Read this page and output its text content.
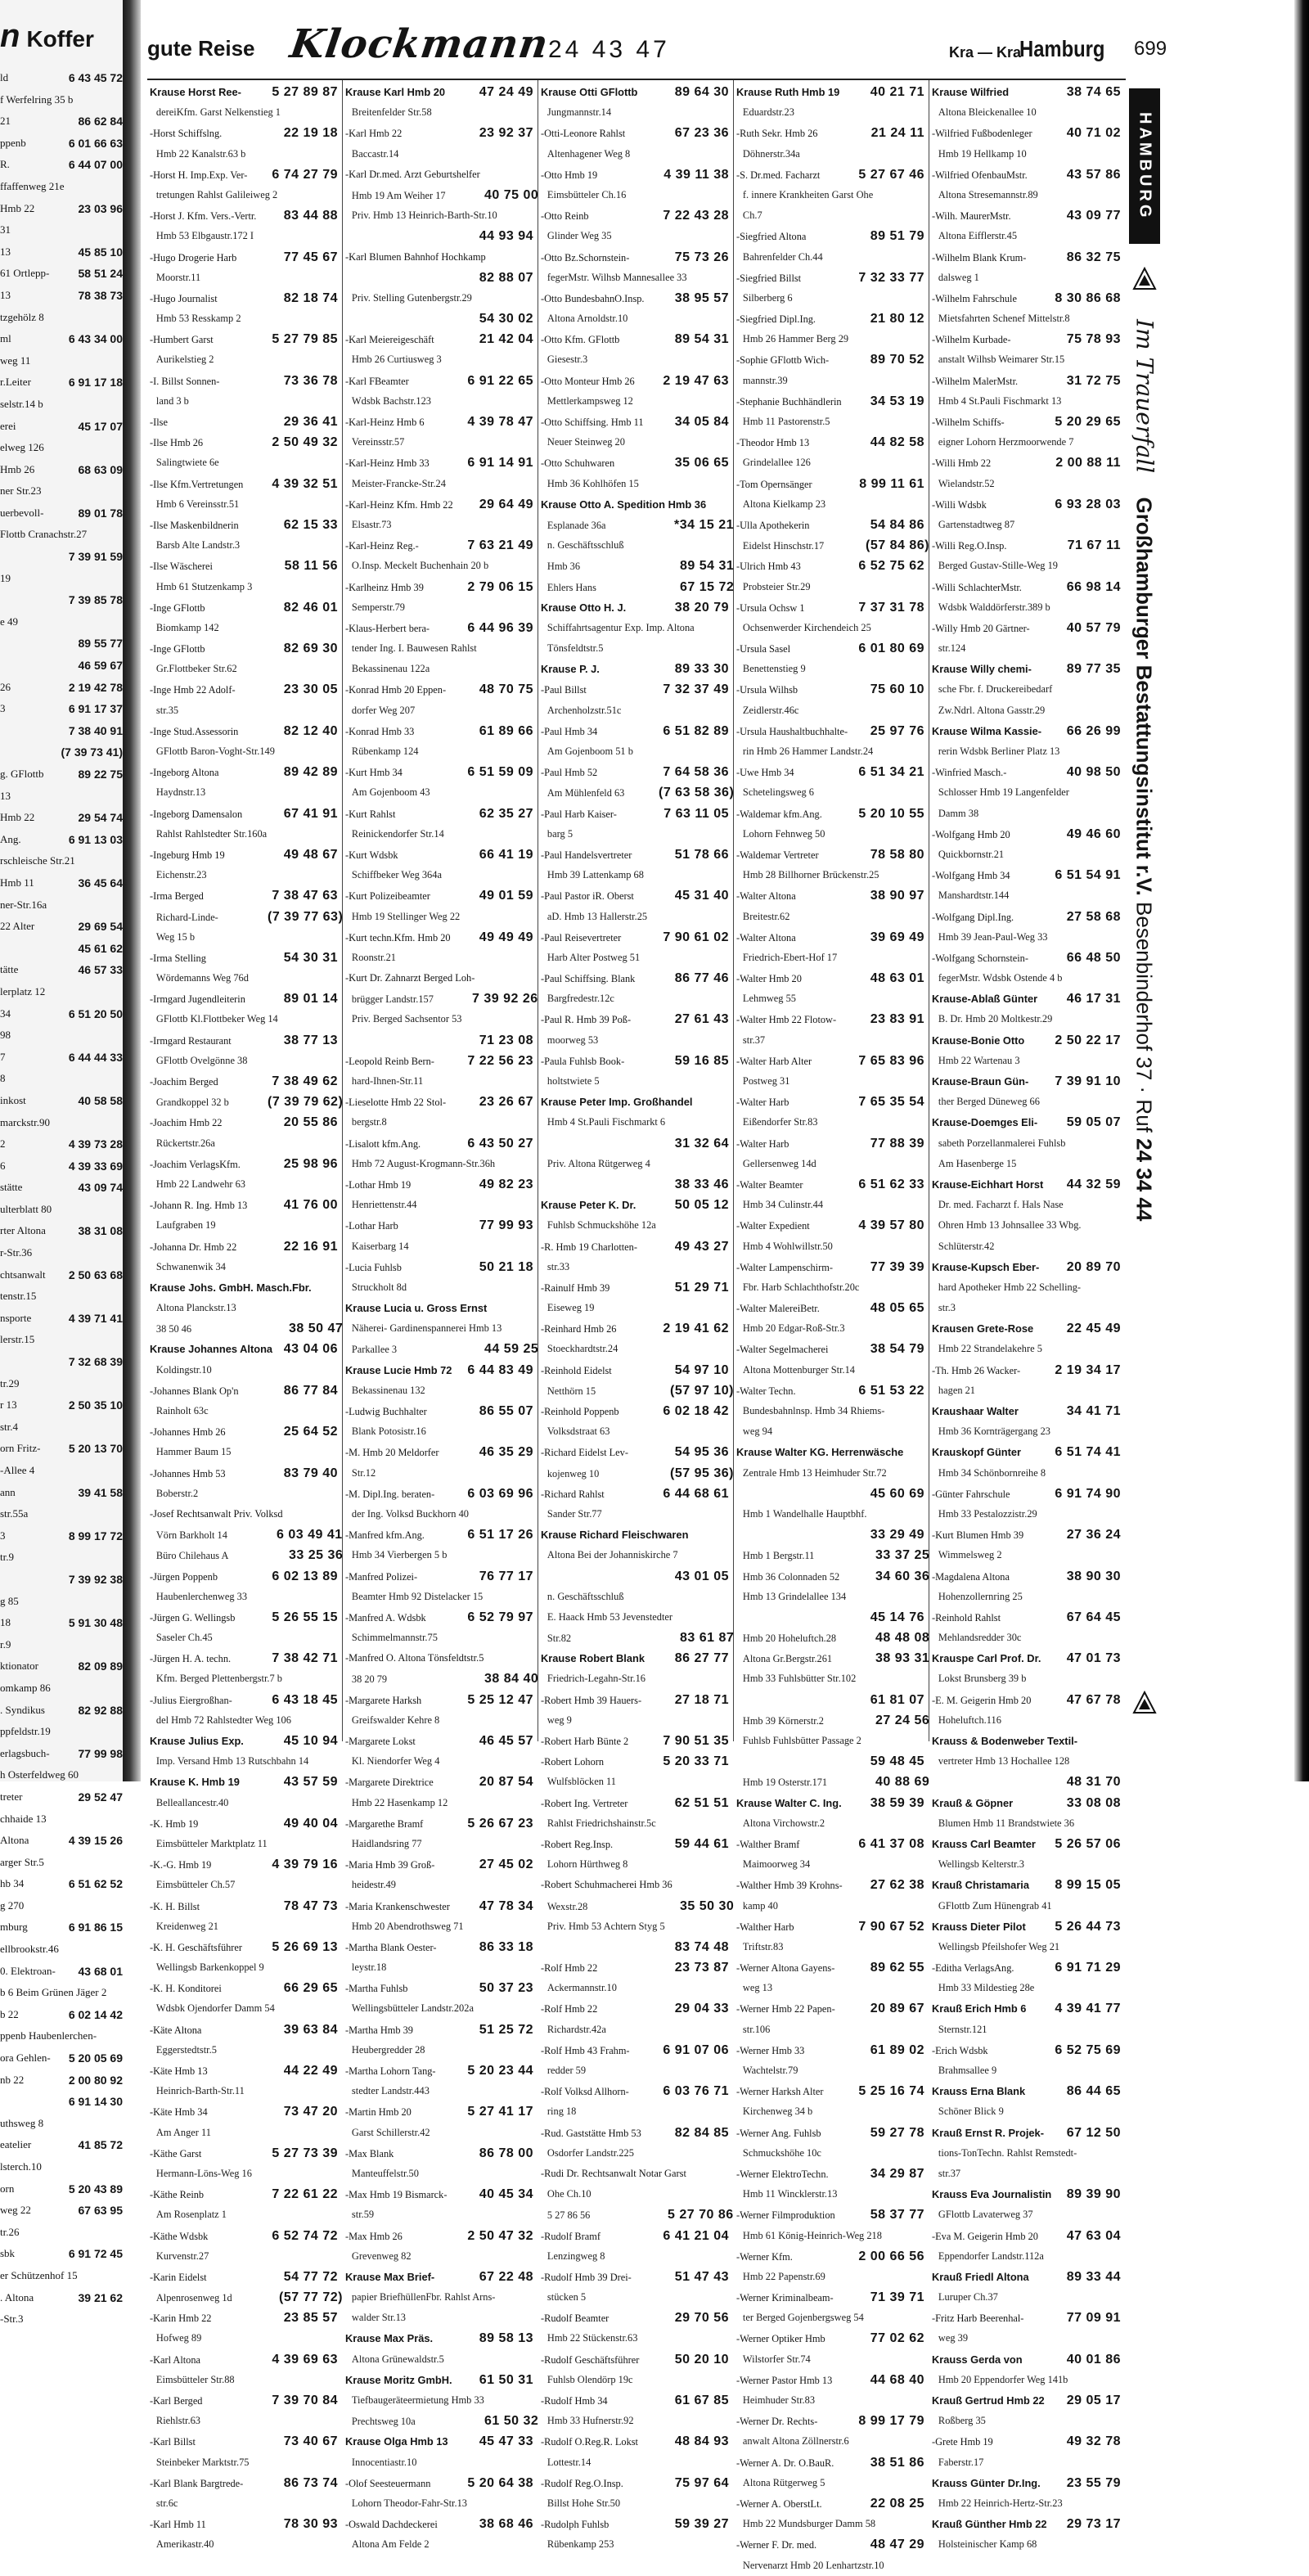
n Koffer
ld	6 43 45 72
f Werfelring 35 b
21	86 62 84
ppenb	6 01 66 63
R.	6 44 07 00
ffaffenweg 21e
Hmb 22	23 03 96
31
13	45 85 10
61 Ortlepp-	58 51 24
13	78 38 73
tzgehölz 8
ml	6 43 34 00
weg 11
r.Leiter	6 91 17 18
selstr.14 b
erei	45 17 07
elweg 126
Hmb 26	68 63 09
ner Str.23
uerbevoll-	89 01 78
Flottb Cranachstr.27
7 39 91 59
19
7 39 85 78
e 49
89 55 77
46 59 67
26	2 19 42 78
3	6 91 17 37
7 38 40 91
(7 39 73 41)
g. GFlottb	89 22 75
13
Hmb 22	29 54 74
Ang.	6 91 13 03
rschleische Str.21
Hmb 11	36 45 64
ner-Str.16a
22 Alter	29 69 54
45 61 62
tätte	46 57 33
lerplatz 12
34	6 51 20 50
98
7	6 44 44 33
8
inkost	40 58 58
marckstr.90
2	4 39 73 28
6	4 39 33 69
stätte	43 09 74
ulterblatt 80
rter Altona	38 31 08
r-Str.36
chtsanwalt 2 50 63 68
tenstr.15
nsporte	4 39 71 41
lerstr.15
7 32 68 39
tr.29
r 13	2 50 35 10
str.4
orn Fritz- 5 20 13 70
-Allee 4
ann	39 41 58
str.55a
3	8 99 17 72
tr.9
7 39 92 38
g 85
18	5 91 30 48
r.9
ktionator	82 09 89
omkamp 86
. Syndikus	82 92 88
ppfeldstr.19
erlagsbuch- 77 99 98
h Osterfeldweg 60
treter	29 52 47
chhaide 13
Altona	4 39 15 26
arger Str.5
hb 34	6 51 62 52
g 270
mburg	6 91 86 15
ellbrookstr.46
0. Elektroan- 43 68 01
b 6 Beim Grünen Jäger 2
b 22	6 02 14 42
ppenb Haubenlerchen-
ora Gehlen- 5 20 05 69
nb 22	2 00 80 92
6 91 14 30
uthsweg 8
eatelier	41 85 72
lsterch.10
orn	5 20 43 89
weg 22	67 63 95
tr.26
sbk	6 91 72 45
er Schützenhof 15
. Altona	39 21 62
-Str.3
gute Reise Klockmann
24 43 47	Kra — Kra
Hamburg 699
Krause Horst Ree-	5 27 89 87
dereiKfm. Garst Nelkenstieg 1
-Horst Schiffslng.	22 19 18
Hmb 22 Kanalstr.63 b
-Horst H. Imp.Exp. Ver-	6 74 27 79
tretungen Rahlst Galileiweg 2
-Horst J. Kfm. Vers.-Vertr.	83 44 88
Hmb 53 Elbgaustr.172 I
-Hugo Drogerie Harb	77 45 67
Moorstr.11
-Hugo Journalist	82 18 74
Hmb 53 Resskamp 2
-Humbert Garst	5 27 79 85
Aurikelstieg 2
-I. Billst Sonnen-	73 36 78
land 3 b
-Ilse	29 36 41
-Ilse Hmb 26	2 50 49 32
Salingtwiete 6e
-Ilse Kfm.Vertretungen	4 39 32 51
Hmb 6 Vereinsstr.51
-Ilse Maskenbildnerin	62 15 33
Barsb Alte Landstr.3
-Ilse Wäscherei	58 11 56
Hmb 61 Stutzenkamp 3
-Inge GFlottb	82 46 01
Biomkamp 142
-Inge GFlottb	82 69 30
Gr.Flottbeker Str.62
-Inge Hmb 22 Adolf-	23 30 05
str.35
-Inge Stud.Assessorin	82 12 40
GFlottb Baron-Voght-Str.149
-Ingeborg Altona	89 42 89
Haydnstr.13
-Ingeborg Damensalon	67 41 91
Rahlst Rahlstedter Str.160a
-Ingeburg Hmb 19	49 48 67
Eichenstr.23
-Irma Berged	7 38 47 63
Richard-Linde-	(7 39 77 63)
Weg 15 b
-Irma Stelling	54 30 31
Wördemanns Weg 76d
-Irmgard Jugendleiterin	89 01 14
GFlottb Kl.Flottbeker Weg 14
-Irmgard Restaurant	38 77 13
GFlottb Ovelgönne 38
-Joachim Berged	7 38 49 62
Grandkoppel 32 b	(7 39 79 62)
-Joachim Hmb 22	20 55 86
Rückertstr.26a
-Joachim VerlagsKfm.	25 98 96
Hmb 22 Landwehr 63
-Johann R. Ing. Hmb 13	41 76 00
Laufgraben 19
-Johanna Dr. Hmb 22	22 16 91
Schwanenwik 34
Krause Johs. GmbH. Masch.Fbr.
Altona Planckstr.13
38 50 46	38 50 47
Krause Johannes Altona 43 04 06
Koldingstr.10
-Johannes Blank Op'n	86 77 84
Rainholt 63c
-Johannes Hmb 26	25 64 52
Hammer Baum 15
-Johannes Hmb 53	83 79 40
Boberstr.2
-Josef Rechtsanwalt Priv. Volksd
Vörn Barkholt 14	6 03 49 41
Büro Chilehaus A	33 25 36
-Jürgen Poppenb	6 02 13 89
Haubenlerchenweg 33
-Jürgen G. Wellingsb	5 26 55 15
Saseler Ch.45
-Jürgen H. A. techn.	7 38 42 71
Kfm. Berged Plettenbergstr.7 b
-Julius Eiergroßhan-	6 43 18 45
del Hmb 72 Rahlstedter Weg 106
Krause Julius Exp.	45 10 94
Imp. Versand Hmb 13 Rutschbahn 14
Krause K. Hmb 19	43 57 59
Belleallancestr.40
-K. Hmb 19	49 40 04
Eimsbütteler Marktplatz 11
-K.-G. Hmb 19	4 39 79 16
Eimsbütteler Ch.57
-K. H. Billst	78 47 73
Kreidenweg 21
-K. H. Geschäftsführer	5 26 69 13
Wellingsb Barkenkoppel 9
-K. H. Konditorei	66 29 65
Wdsbk Ojendorfer Damm 54
-Käte Altona	39 63 84
Eggerstedtstr.5
-Käte Hmb 13	44 22 49
Heinrich-Barth-Str.11
-Käte Hmb 34	73 47 20
Am Anger 11
-Käthe Garst	5 27 73 39
Hermann-Löns-Weg 16
-Käthe Reinb	7 22 61 22
Am Rosenplatz 1
-Käthe Wdsbk	6 52 74 72
Kurvenstr.27
-Karin Eidelst	54 77 72
Alpenrosenweg 1d	(57 77 72)
-Karin Hmb 22	23 85 57
Hofweg 89
-Karl Altona	4 39 69 63
Eimsbütteler Str.88
-Karl Berged	7 39 70 84
Riehlstr.63
-Karl Billst	73 40 67
Steinbeker Marktstr.75
-Karl Blank Bargtrede-	86 73 74
str.6c
-Karl Hmb 11	78 30 93
Amerikastr.40
Krause Karl Hmb 20	47 24 49
Breitenfelder Str.58
-Karl Hmb 22	23 92 37
Baccastr.14
-Karl Dr.med. Arzt Geburtshelfer
Hmb 19 Am Weiher 17	40 75 00
Priv. Hmb 13 Heinrich-Barth-Str.10
44 93 94
-Karl Blumen Bahnhof Hochkamp
82 88 07
Priv. Stelling Gutenbergstr.29
54 30 02
-Karl Meiereigeschäft	21 42 04
Hmb 26 Curtiusweg 3
-Karl FBeamter	6 91 22 65
Wdsbk Bachstr.123
-Karl-Heinz Hmb 6	4 39 78 47
Vereinsstr.57
-Karl-Heinz Hmb 33	6 91 14 91
Meister-Francke-Str.24
-Karl-Heinz Kfm. Hmb 22	29 64 49
Elsastr.73
-Karl-Heinz Reg.-	7 63 21 49
O.Insp. Meckelt Buchenhain 20 b
-Karlheinz Hmb 39	2 79 06 15
Semperstr.79
-Klaus-Herbert bera-	6 44 96 39
tender Ing. I. Bauwesen Rahlst
Bekassinenau 122a
-Konrad Hmb 20 Eppen-	48 70 75
dorfer Weg 207
-Konrad Hmb 33	61 89 66
Rübenkamp 124
-Kurt Hmb 34	6 51 59 09
Am Gojenboom 43
-Kurt Rahlst	62 35 27
Reinickendorfer Str.14
-Kurt Wdsbk	66 41 19
Schiffbeker Weg 364a
-Kurt Polizeibeamter	49 01 59
Hmb 19 Stellinger Weg 22
-Kurt techn.Kfm. Hmb 20	49 49 49
Roonstr.21
-Kurt Dr. Zahnarzt Berged Loh-
brügger Landstr.157	7 39 92 26
Priv. Berged Sachsentor 53
71 23 08
-Leopold Reinb Bern-	7 22 56 23
hard-Ihnen-Str.11
-Lieselotte Hmb 22 Stol-	23 26 67
bergstr.8
-Lisalott kfm.Ang.	6 43 50 27
Hmb 72 August-Krogmann-Str.36h
-Lothar Hmb 19	49 82 23
Henriettenstr.44
-Lothar Harb	77 99 93
Kaiserbarg 14
-Lucia Fuhlsb	50 21 18
Struckholt 8d
Krause Lucia u. Gross Ernst
Näherei- Gardinenspannerei Hmb 13
Parkallee 3	44 59 25
Krause Lucie Hmb 72	6 44 83 49
Bekassinenau 132
-Ludwig Buchhalter	86 55 07
Blank Potosistr.16
-M. Hmb 20 Meldorfer	46 35 29
Str.12
-M. Dipl.Ing. beraten-	6 03 69 96
der Ing. Volksd Buckhorn 40
-Manfred kfm.Ang.	6 51 17 26
Hmb 34 Vierbergen 5 b
-Manfred Polizei-	76 77 17
Beamter Hmb 92 Distelacker 15
-Manfred A. Wdsbk	6 52 79 97
Schimmelmannstr.75
-Manfred O. Altona Tönsfeldtstr.5
38 20 79	38 84 40
-Margarete Harksh	5 25 12 47
Greifswalder Kehre 8
-Margarete Lokst	46 45 57
Kl. Niendorfer Weg 4
-Margarete Direktrice	20 87 54
Hmb 22 Hasenkamp 12
-Margarethe Bramf	5 26 67 23
Haidlandsring 77
-Maria Hmb 39 Groß-	27 45 02
heidestr.49
-Maria Krankenschwester	47 78 34
Hmb 20 Abendrothsweg 71
-Martha Blank Oester-	86 33 18
leystr.18
-Martha Fuhlsb	50 37 23
Wellingsbütteler Landstr.202a
-Martha Hmb 39	51 25 72
Heubergredder 28
-Martha Lohorn Tang-	5 20 23 44
stedter Landstr.443
-Martin Hmb 20	5 27 41 17
Garst Schillerstr.42
-Max Blank	86 78 00
Manteuffelstr.50
-Max Hmb 19 Bismarck-	40 45 34
str.59
-Max Hmb 26	2 50 47 32
Grevenweg 82
Krause Max Brief-	67 22 48
papier BriefhüllenFbr. Rahlst Arns-
walder Str.13
Krause Max Präs.	89 58 13
Altona Grünewaldstr.5
Krause Moritz GmbH.	61 50 31
Tiefbaugeräteermietung Hmb 33
Prechtsweg 10a	61 50 32
Krause Olga Hmb 13	45 47 33
Innocentiastr.10
-Olof Seesteuermann	5 20 64 38
Lohorn Theodor-Fahr-Str.13
-Oswald Dachdeckerei	38 68 46
Altona Am Felde 2
Krause Otti GFlottb	89 64 30
Jungmannstr.14
-Otti-Leonore Rahlst	67 23 36
Altenhagener Weg 8
-Otto Hmb 19	4 39 11 38
Eimsbütteler Ch.16
-Otto Reinb	7 22 43 28
Glinder Weg 35
-Otto Bz.Schornstein-	75 73 26
fegerMstr. Wilhsb Mannesallee 33
-Otto BundesbahnO.Insp.	38 95 57
Altona Arnoldstr.10
-Otto Kfm. GFlottb	89 54 31
Giesestr.3
-Otto Monteur Hmb 26	2 19 47 63
Mettlerkampsweg 12
-Otto Schiffsing. Hmb 11	34 05 84
Neuer Steinweg 20
-Otto Schuhwaren	35 06 65
Hmb 36 Kohlhöfen 15
Krause Otto A. Spedition Hmb 36
Esplanade 36a	*34 15 21
n. Geschäftsschluß
Hmb 36	89 54 31
Ehlers Hans	67 15 72
Krause Otto H. J.	38 20 79
Schiffahrtsagentur Exp. Imp. Altona
Tönsfeldtstr.5
Krause P. J.	89 33 30
-Paul Billst	7 32 37 49
Archenholzstr.51c
-Paul Hmb 34	6 51 82 89
Am Gojenboom 51 b
-Paul Hmb 52	7 64 58 36
Am Mühlenfeld 63	(7 63 58 36)
-Paul Harb Kaiser-	7 63 11 05
barg 5
-Paul Handelsvertreter	51 78 66
Hmb 39 Lattenkamp 68
-Paul Pastor iR. Oberst	45 31 40
aD. Hmb 13 Hallerstr.25
-Paul Reisevertreter	7 90 61 02
Harb Alter Postweg 51
-Paul Schiffsing. Blank	86 77 46
Bargfredestr.12c
-Paul R. Hmb 39 Poß-	27 61 43
moorweg 53
-Paula Fuhlsb Book-	59 16 85
holtstwiete 5
Krause Peter Imp. Großhandel
Hmb 4 St.Pauli Fischmarkt 6
31 32 64
Priv. Altona Rütgerweg 4
38 33 46
Krause Peter K. Dr.	50 05 12
Fuhlsb Schmuckshöhe 12a
-R. Hmb 19 Charlotten-	49 43 27
str.33
-Rainulf Hmb 39	51 29 71
Eiseweg 19
-Reinhard Hmb 26	2 19 41 62
Stoeckhardtstr.24
-Reinhold Eidelst	54 97 10
Netthörn 15	(57 97 10)
-Reinhold Poppenb	6 02 18 42
Volksdstraat 63
-Richard Eidelst Lev-	54 95 36
kojenweg 10	(57 95 36)
-Richard Rahlst	6 44 68 61
Sander Str.77
Krause Richard Fleischwaren
Altona Bei der Johanniskirche 7
43 01 05
n. Geschäftsschluß
E. Haack Hmb 53 Jevenstedter
Str.82	83 61 87
Krause Robert Blank	86 27 77
Friedrich-Legahn-Str.16
-Robert Hmb 39 Hauers-	27 18 71
weg 9
-Robert Harb Bünte 2	7 90 51 35
-Robert Lohorn	5 20 33 71
Wulfsblöcken 11
-Robert Ing. Vertreter	62 51 51
Rahlst Friedrichshainstr.5c
-Robert Reg.Insp.	59 44 61
Lohorn Hürthweg 8
-Robert Schuhmacherei Hmb 36
Wexstr.28	35 50 30
Priv. Hmb 53 Achtern Styg 5
83 74 48
-Rolf Hmb 22	23 73 87
Ackermannstr.10
-Rolf Hmb 22	29 04 33
Richardstr.42a
-Rolf Hmb 43 Frahm-	6 91 07 06
redder 59
-Rolf Volksd Allhorn-	6 03 76 71
ring 18
-Rud. Gaststätte Hmb 53	82 84 85
Osdorfer Landstr.225
-Rudi Dr. Rechtsanwalt Notar Garst
Ohe Ch.10
5 27 86 56	5 27 70 86
-Rudolf Bramf	6 41 21 04
Lenzingweg 8
-Rudolf Hmb 39 Drei-	51 47 43
stücken 5
-Rudolf Beamter	29 70 56
Hmb 22 Stückenstr.63
-Rudolf Geschäftsführer	50 20 10
Fuhlsb Olendörp 19c
-Rudolf Hmb 34	61 67 85
Hmb 33 Hufnerstr.92
-Rudolf O.Reg.R. Lokst	48 84 93
Lottestr.14
-Rudolf Reg.O.Insp.	75 97 64
Billst Hohe Str.50
-Rudolph Fuhlsb	59 39 27
Rübenkamp 253
Krause Ruth Hmb 19	40 21 71
Eduardstr.23
-Ruth Sekr. Hmb 26	21 24 11
Döhnerstr.34a
-S. Dr.med. Facharzt	5 27 67 46
f. innere Krankheiten Garst Ohe
Ch.7
-Siegfried Altona	89 51 79
Bahrenfelder Ch.44
-Siegfried Billst	7 32 33 77
Silberberg 6
-Siegfried Dipl.Ing.	21 80 12
Hmb 26 Hammer Berg 29
-Sophie GFlottb Wich-	89 70 52
mannstr.39
-Stephanie Buchhändlerin	34 53 19
Hmb 11 Pastorenstr.5
-Theodor Hmb 13	44 82 58
Grindelallee 126
-Tom Opernsänger	8 99 11 61
Altona Kielkamp 23
-Ulla Apothekerin	54 84 86
Eidelst Hinschstr.17	(57 84 86)
-Ulrich Hmb 43	6 52 75 62
Probsteier Str.29
-Ursula Ochsw 1	7 37 31 78
Ochsenwerder Kirchendeich 25
-Ursula Sasel	6 01 80 69
Benettenstieg 9
-Ursula Wilhsb	75 60 10
Zeidlerstr.46c
-Ursula Haushaltbuchhalte-	25 97 76
rin Hmb 26 Hammer Landstr.24
-Uwe Hmb 34	6 51 34 21
Schetelingsweg 6
-Waldemar kfm.Ang.	5 20 10 55
Lohorn Fehnweg 50
-Waldemar Vertreter	78 58 80
Hmb 28 Billhorner Brückenstr.25
-Walter Altona	38 90 97
Breitestr.62
-Walter Altona	39 69 49
Friedrich-Ebert-Hof 17
-Walter Hmb 20	48 63 01
Lehmweg 55
-Walter Hmb 22 Flotow-	23 83 91
str.37
-Walter Harb Alter	7 65 83 96
Postweg 31
-Walter Harb	7 65 35 54
Eißendorfer Str.83
-Walter Harb	77 88 39
Gellersenweg 14d
-Walter Beamter	6 51 62 33
Hmb 34 Culinstr.44
-Walter Expedient	4 39 57 80
Hmb 4 Wohlwillstr.50
-Walter Lampenschirm-	77 39 39
Fbr. Harb Schlachthofstr.20c
-Walter MalereiBetr.	48 05 65
Hmb 20 Edgar-Roß-Str.3
-Walter Segelmacherei	38 54 79
Altona Mottenburger Str.14
-Walter Techn.	6 51 53 22
Bundesbahnlnsp. Hmb 34 Rhiems-
weg 94
Krause Walter KG. Herrenwäsche
Zentrale Hmb 13 Heimhuder Str.72
45 60 69
Hmb 1 Wandelhalle Hauptbhf.
33 29 49
Hmb 1 Bergstr.11	33 37 25
Hmb 36 Colonnaden 52	34 60 36
Hmb 13 Grindelallee 134
45 14 76
Hmb 20 Hoheluftch.28	48 48 08
Altona Gr.Bergstr.261	38 93 31
Hmb 33 Fuhlsbütter Str.102
61 81 07
Hmb 39 Körnerstr.2	27 24 56
Fuhlsb Fuhlsbütter Passage 2
59 48 45
Hmb 19 Osterstr.171	40 88 69
Krause Walter C. Ing.	38 59 39
Altona Virchowstr.2
-Walther Bramf	6 41 37 08
Maimoorweg 34
-Walther Hmb 39 Krohns-	27 62 38
kamp 40
-Walther Harb	7 90 67 52
Triftstr.83
-Werner Altona Gayens-	89 62 55
weg 13
-Werner Hmb 22 Papen-	20 89 67
str.106
-Werner Hmb 33	61 89 02
Wachtelstr.79
-Werner Harksh Alter	5 25 16 74
Kirchenweg 34 b
-Werner Ang. Fuhlsb	59 27 78
Schmuckshöhe 10c
-Werner ElektroTechn.	34 29 87
Hmb 11 Wincklerstr.13
-Werner Filmproduktion	58 37 77
Hmb 61 König-Heinrich-Weg 218
-Werner Kfm.	2 00 66 56
Hmb 22 Papenstr.69
-Werner Kriminalbeam-	71 39 71
ter Berged Gojenbergsweg 54
-Werner Optiker Hmb	77 02 62
Wilstorfer Str.74
-Werner Pastor Hmb 13	44 68 40
Heimhuder Str.83
-Werner Dr. Rechts-	8 99 17 79
anwalt Altona Zöllnerstr.6
-Werner A. Dr. O.BauR.	38 51 86
Altona Rütgerweg 5
-Werner A. OberstLt.	22 08 25
Hmb 22 Mundsburger Damm 58
-Werner F. Dr. med.	48 47 29
Nervenarzt Hmb 20 Lenhartzstr.10
Krause Wilfried	38 74 65
Altona Bleickenallee 10
-Wilfried Fußbodenleger	40 71 02
Hmb 19 Hellkamp 10
-Wilfried OfenbauMstr.	43 57 86
Altona Stresemannstr.89
-Wilh. MaurerMstr.	43 09 77
Altona Eifflerstr.45
-Wilhelm Blank Krum-	86 32 75
dalsweg 1
-Wilhelm Fahrschule	8 30 86 68
Mietsfahrten Schenef Mittelstr.8
-Wilhelm Kurbade-	75 78 93
anstalt Wilhsb Weimarer Str.15
-Wilhelm MalerMstr.	31 72 75
Hmb 4 St.Pauli Fischmarkt 13
-Wilhelm Schiffs-	5 20 29 65
eigner Lohorn Herzmoorwende 7
-Willi Hmb 22	2 00 88 11
Wielandstr.52
-Willi Wdsbk	6 93 28 03
Gartenstadtweg 87
-Willi Reg.O.Insp.	71 67 11
Berged Gustav-Stille-Weg 19
-Willi SchlachterMstr.	66 98 14
Wdsbk Walddörferstr.389 b
-Willy Hmb 20 Gärtner-	40 57 79
str.124
Krause Willy chemi-	89 77 35
sche Fbr. f. Druckereibedarf
Zw.Ndrl. Altona Gasstr.29
Krause Wilma Kassie-	66 26 99
rerin Wdsbk Berliner Platz 13
-Winfried Masch.-	40 98 50
Schlosser Hmb 19 Langenfelder
Damm 38
-Wolfgang Hmb 20	49 46 60
Quickbornstr.21
-Wolfgang Hmb 34	6 51 54 91
Manshardtstr.144
-Wolfgang Dipl.Ing.	27 58 68
Hmb 39 Jean-Paul-Weg 33
-Wolfgang Schornstein-	66 48 50
fegerMstr. Wdsbk Ostende 4 b
Krause-Ablaß Günter	46 17 31
B. Dr. Hmb 20 Moltkestr.29
Krause-Bonie Otto	2 50 22 17
Hmb 22 Wartenau 3
Krause-Braun Gün-	7 39 91 10
ther Berged Düneweg 66
Krause-Doemges Eli-	59 05 07
sabeth Porzellanmalerei Fuhlsb
Am Hasenberge 15
Krause-Eichhart Horst	44 32 59
Dr. med. Facharzt f. Hals Nase
Ohren Hmb 13 Johnsallee 33 Wbg.
Schlüterstr.42
Krause-Kupsch Eber-	20 89 70
hard Apotheker Hmb 22 Schelling-
str.3
Krausen Grete-Rose	22 45 49
Hmb 22 Strandelakehre 5
-Th. Hmb 26 Wacker-	2 19 34 17
hagen 21
Kraushaar Walter	34 41 71
Hmb 36 Kornträgergang 23
Krauskopf Günter	6 51 74 41
Hmb 34 Schönbornreihe 8
-Günter Fahrschule	6 91 74 90
Hmb 33 Pestalozzistr.29
-Kurt Blumen Hmb 39	27 36 24
Wimmelsweg 2
-Magdalena Altona	38 90 30
Hohenzollernring 25
-Reinhold Rahlst	67 64 45
Mehlandsredder 30c
Krauspe Carl Prof. Dr.	47 01 73
Lokst Brunsberg 39 b
-E. M. Geigerin Hmb 20	47 67 78
Hoheluftch.116
Krauss & Bodenweber Textil-
vertreter Hmb 13 Hochallee 128
48 31 70
Krauß & Göpner	33 08 08
Blumen Hmb 11 Brandstwiete 36
Krauss Carl Beamter	5 26 57 06
Wellingsb Kelterstr.3
Krauß Christamaria	8 99 15 05
GFlottb Zum Hünengrab 41
Krauss Dieter Pilot	5 26 44 73
Wellingsb Pfeilshofer Weg 21
-Editha VerlagsAng.	6 91 71 29
Hmb 33 Mildestieg 28e
Krauß Erich Hmb 6	4 39 41 77
Sternstr.121
-Erich Wdsbk	6 52 75 69
Brahmsallee 9
Krauss Erna Blank	86 44 65
Schöner Blick 9
Krauß Ernst R. Projek-	67 12 50
tions-TonTechn. Rahlst Remstedt-
str.37
Krauss Eva Journalistin	89 39 90
GFlottb Lavaterweg 37
-Eva M. Geigerin Hmb 20	47 63 04
Eppendorfer Landstr.112a
Krauß Friedl Altona	89 33 44
Luruper Ch.37
-Fritz Harb Beerenhal-	77 09 91
weg 39
Krauss Gerda von	40 01 86
Hmb 20 Eppendorfer Weg 141b
Krauß Gertrud Hmb 22	29 05 17
Roßberg 35
-Grete Hmb 19	49 32 78
Faberstr.17
Krauss Günter Dr.Ing.	23 55 79
Hmb 22 Heinrich-Hertz-Str.23
Krauß Günther Hmb 22	29 73 17
Holsteinischer Kamp 68
HAMBURG
Im Trauerfall Großhamburger Bestattungsinstitut r.V. Besenbinderhof 37 · Ruf 24 34 44
